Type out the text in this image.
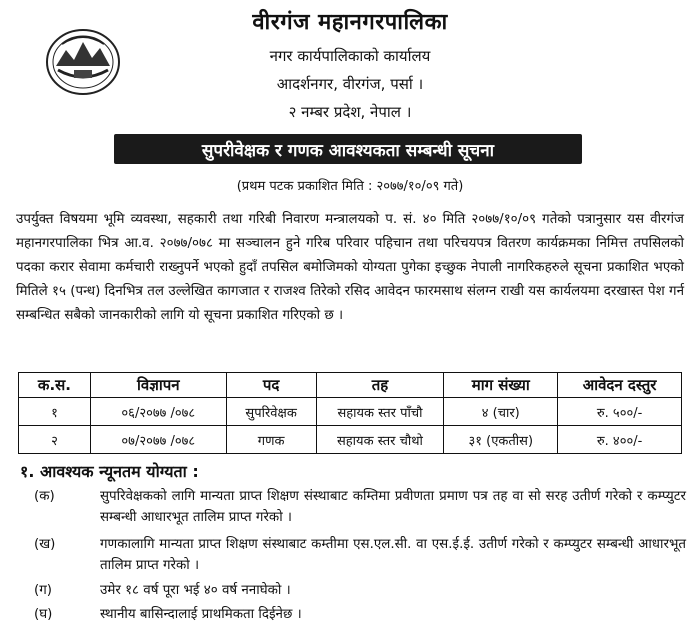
वीरगंज महानगरपालिका
नगर कार्यपालिकाको कार्यालय
आदर्शनगर, वीरगंज, पर्सा ।
२ नम्बर प्रदेश, नेपाल ।
सुपरीवेक्षक र गणक आवश्यकता सम्बन्धी सूचना
(प्रथम पटक प्रकाशित मिति : २०७७/१०/०९ गते)
उपर्युक्त विषयमा भूमि व्यवस्था, सहकारी तथा गरिबी निवारण मन्त्रालयको प. सं. ४० मिति २०७७/१०/०९ गतेको पत्रानुसार यस वीरगंज महानगरपालिका भित्र आ.व. २०७७/०७८ मा सञ्चालन हुने गरिब परिवार पहिचान तथा परिचयपत्र वितरण कार्यक्रमका निमित्त तपसिलको पदका करार सेवामा कर्मचारी राख्नुपर्ने भएको हुदाँ तपसिल बमोजिमको योग्यता पुगेका इच्छुक नेपाली नागरिकहरुले सूचना प्रकाशित भएको मितिले १५ (पन्ध) दिनभित्र तल उल्लेखित कागजात र राजश्व तिरेको रसिद आवेदन फारमसाथ संलग्न राखी यस कार्यलयमा दरखास्त पेश गर्न सम्बन्धित सबैको जानकारीको लागि यो सूचना प्रकाशित गरिएको छ ।
क.स.	विज्ञापन	पद	तह	माग संख्या	आवेदन दस्तुर
१	०६/२०७७ /०७८	सुपरिवेक्षक	सहायक स्तर पाँचौ	४ (चार)	रु. ५००/-
२	०७/२०७७ /०७८	गणक	सहायक स्तर चौथो	३१ (एकतीस)	रु. ४००/-
१. आवश्यक न्यूनतम योग्यता :
(क)	सुपरिवेक्षकको लागि मान्यता प्राप्त शिक्षण संस्थाबाट कम्तिमा प्रवीणता प्रमाण पत्र तह वा सो सरह उतीर्ण गरेको र कम्प्युटर सम्बन्धी आधारभूत तालिम प्राप्त गरेको ।
(ख)	गणकालागि मान्यता प्राप्त शिक्षण संस्थाबाट कम्तीमा एस.एल.सी. वा एस.ई.ई. उतीर्ण गरेको र कम्प्युटर सम्बन्धी आधारभूत तालिम प्राप्त गरेको ।
(ग)	उमेर १८ वर्ष पूरा भई ४० वर्ष ननाघेको ।
(घ)	स्थानीय बासिन्दालाई प्राथमिकता दिईनेछ ।
